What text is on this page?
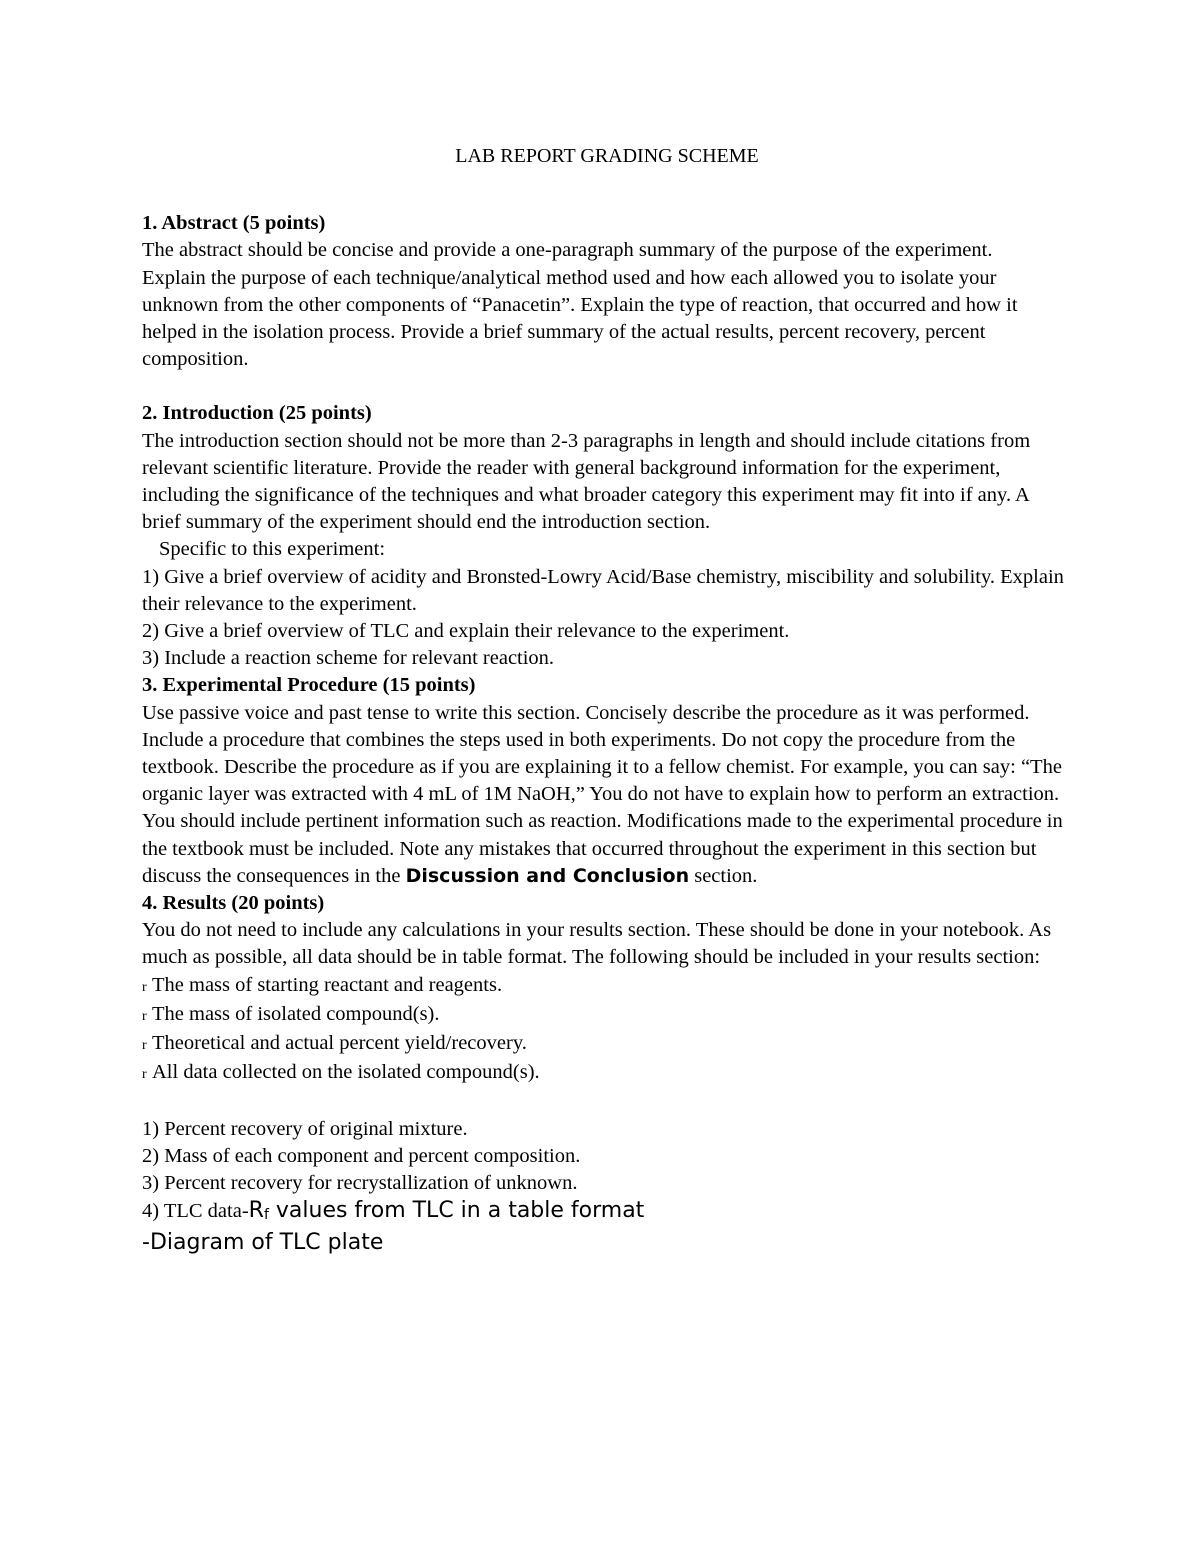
LAB REPORT GRADING SCHEME

1. Abstract (5 points)

The abstract should be concise and provide a one-paragraph summary of the purpose of the experiment.

Explain the purpose of each technique/analytical method used and how each allowed you to isolate your unknown from the other components of “Panacetin”. Explain the type of reaction, that occurred and how it helped in the isolation process. Provide a brief summary of the actual results, percent recovery, percent composition.

2. Introduction (25 points)

The introduction section should not be more than 2-3 paragraphs in length and should include citations from relevant scientific literature. Provide the reader with general background information for the experiment, including the significance of the techniques and what broader category this experiment may fit into if any. A brief summary of the experiment should end the introduction section.

Specific to this experiment:

1) Give a brief overview of acidity and Bronsted-Lowry Acid/Base chemistry, miscibility and solubility. Explain their relevance to the experiment.

2) Give a brief overview of TLC and explain their relevance to the experiment.

3) Include a reaction scheme for relevant reaction.

3. Experimental Procedure (15 points)

Use passive voice and past tense to write this section. Concisely describe the procedure as it was performed. Include a procedure that combines the steps used in both experiments. Do not copy the procedure from the textbook. Describe the procedure as if you are explaining it to a fellow chemist. For example, you can say: “The organic layer was extracted with 4 mL of 1M NaOH,” You do not have to explain how to perform an extraction. You should include pertinent information such as reaction. Modifications made to the experimental procedure in the textbook must be included. Note any mistakes that occurred throughout the experiment in this section but discuss the consequences in the Discussion and Conclusion section.

4. Results (20 points)

You do not need to include any calculations in your results section. These should be done in your notebook. As much as possible, all data should be in table format. The following should be included in your results section:

r The mass of starting reactant and reagents.

r The mass of isolated compound(s).

r Theoretical and actual percent yield/recovery.

r All data collected on the isolated compound(s).

1) Percent recovery of original mixture.

2) Mass of each component and percent composition.

3) Percent recovery for recrystallization of unknown.

4) TLC data-Rf values from TLC in a table format

-Diagram of TLC plate
